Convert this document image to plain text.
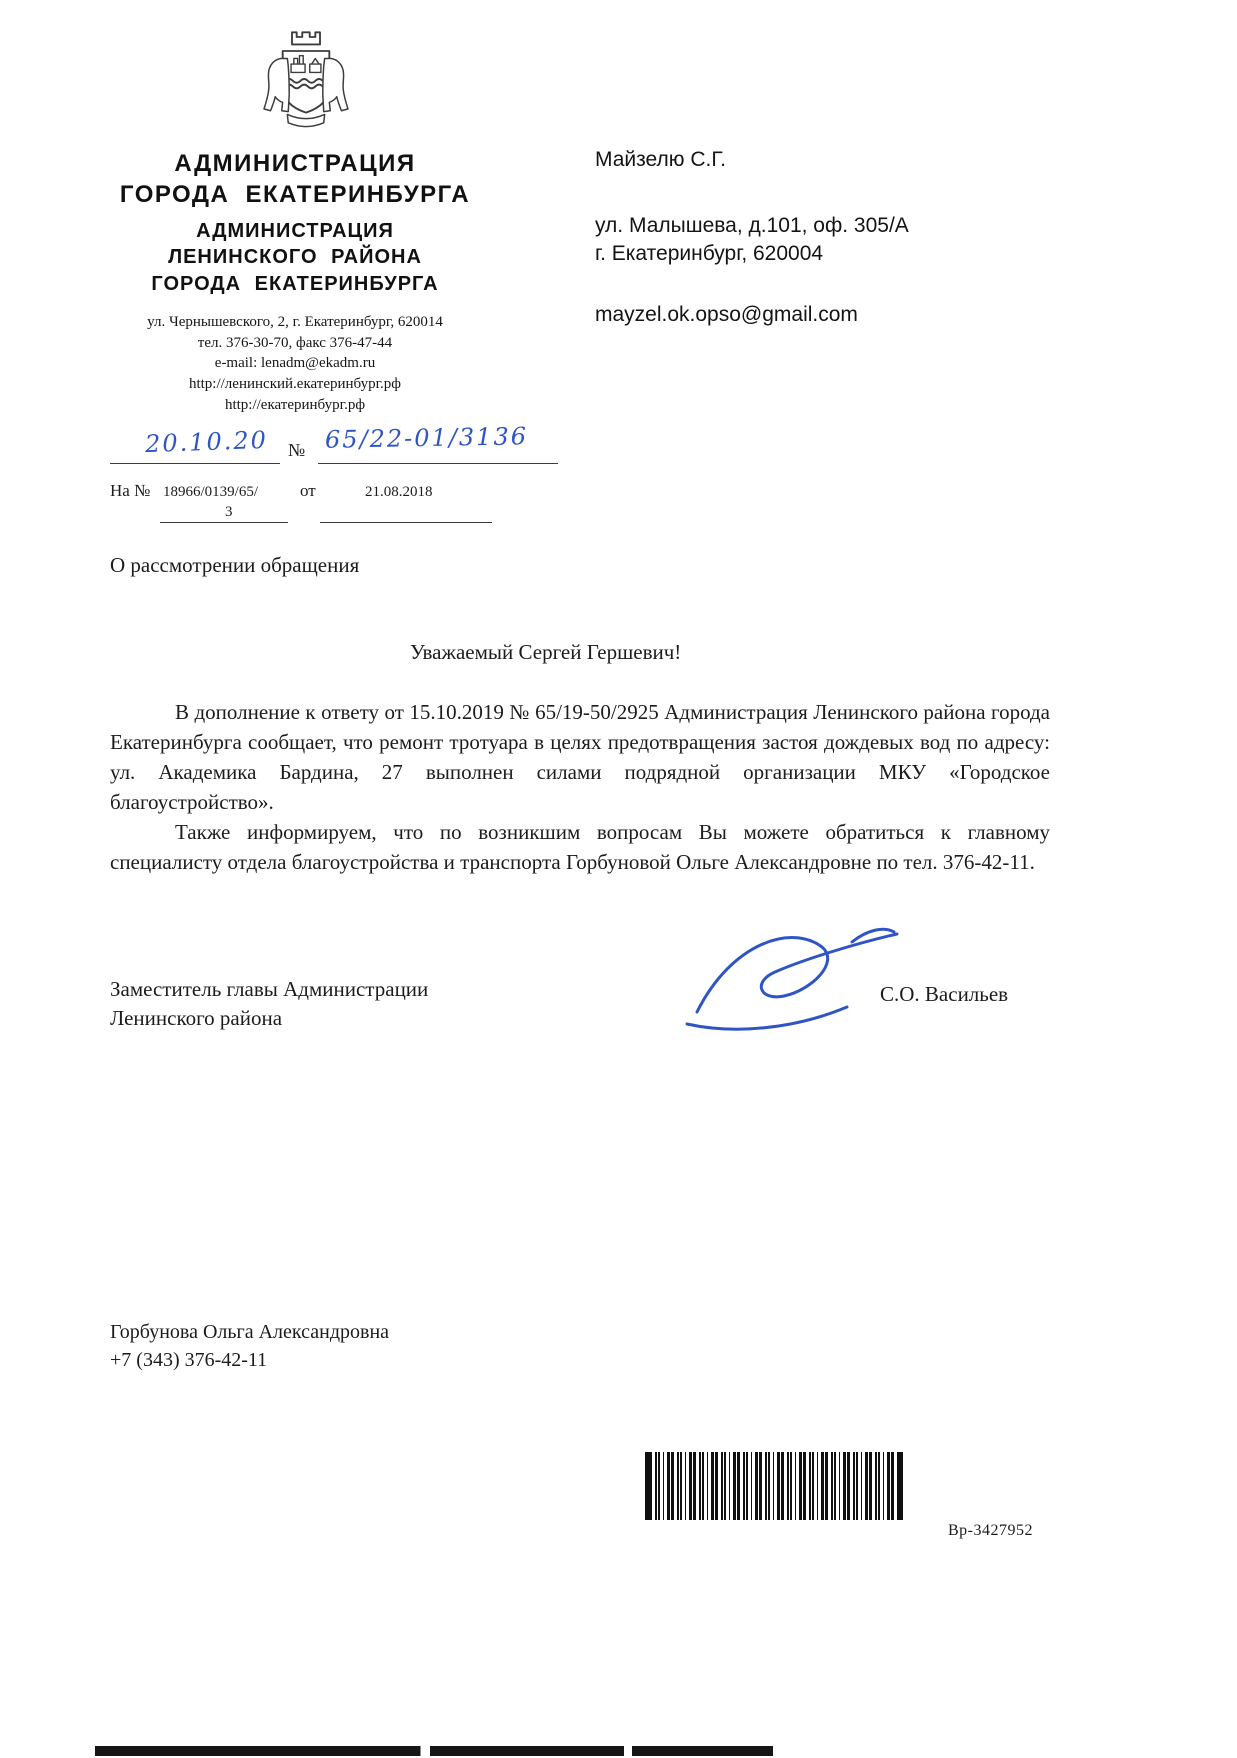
АДМИНИСТРАЦИЯ
ГОРОДА ЕКАТЕРИНБУРГА
АДМИНИСТРАЦИЯ
ЛЕНИНСКОГО РАЙОНА
ГОРОДА ЕКАТЕРИНБУРГА
ул. Чернышевского, 2, г. Екатеринбург, 620014
тел. 376-30-70, факс 376-47-44
e-mail: lenadm@ekadm.ru
http://ленинский.екатеринбург.рф
http://екатеринбург.рф
20.10.20 № 65/22-01/3136
На № 18966/0139/65/
3
от	21.08.2018
Майзелю С.Г.
ул. Малышева, д.101, оф. 305/А
г. Екатеринбург, 620004
mayzel.ok.opso@gmail.com
О рассмотрении обращения
Уважаемый Сергей Гершевич!

В дополнение к ответу от 15.10.2019 № 65/19-50/2925 Администрация Ленинского района города Екатеринбурга сообщает, что ремонт тротуара в целях предотвращения застоя дождевых вод по адресу: ул. Академика Бардина, 27 выполнен силами подрядной организации МКУ «Городское благоустройство».

Также информируем, что по возникшим вопросам Вы можете обратиться к главному специалисту отдела благоустройства и транспорта Горбуновой Ольге Александровне по тел. 376-42-11.

Заместитель главы Администрации
Ленинского района
С.О. Васильев
Горбунова Ольга Александровна
+7 (343) 376-42-11
Вр-3427952
